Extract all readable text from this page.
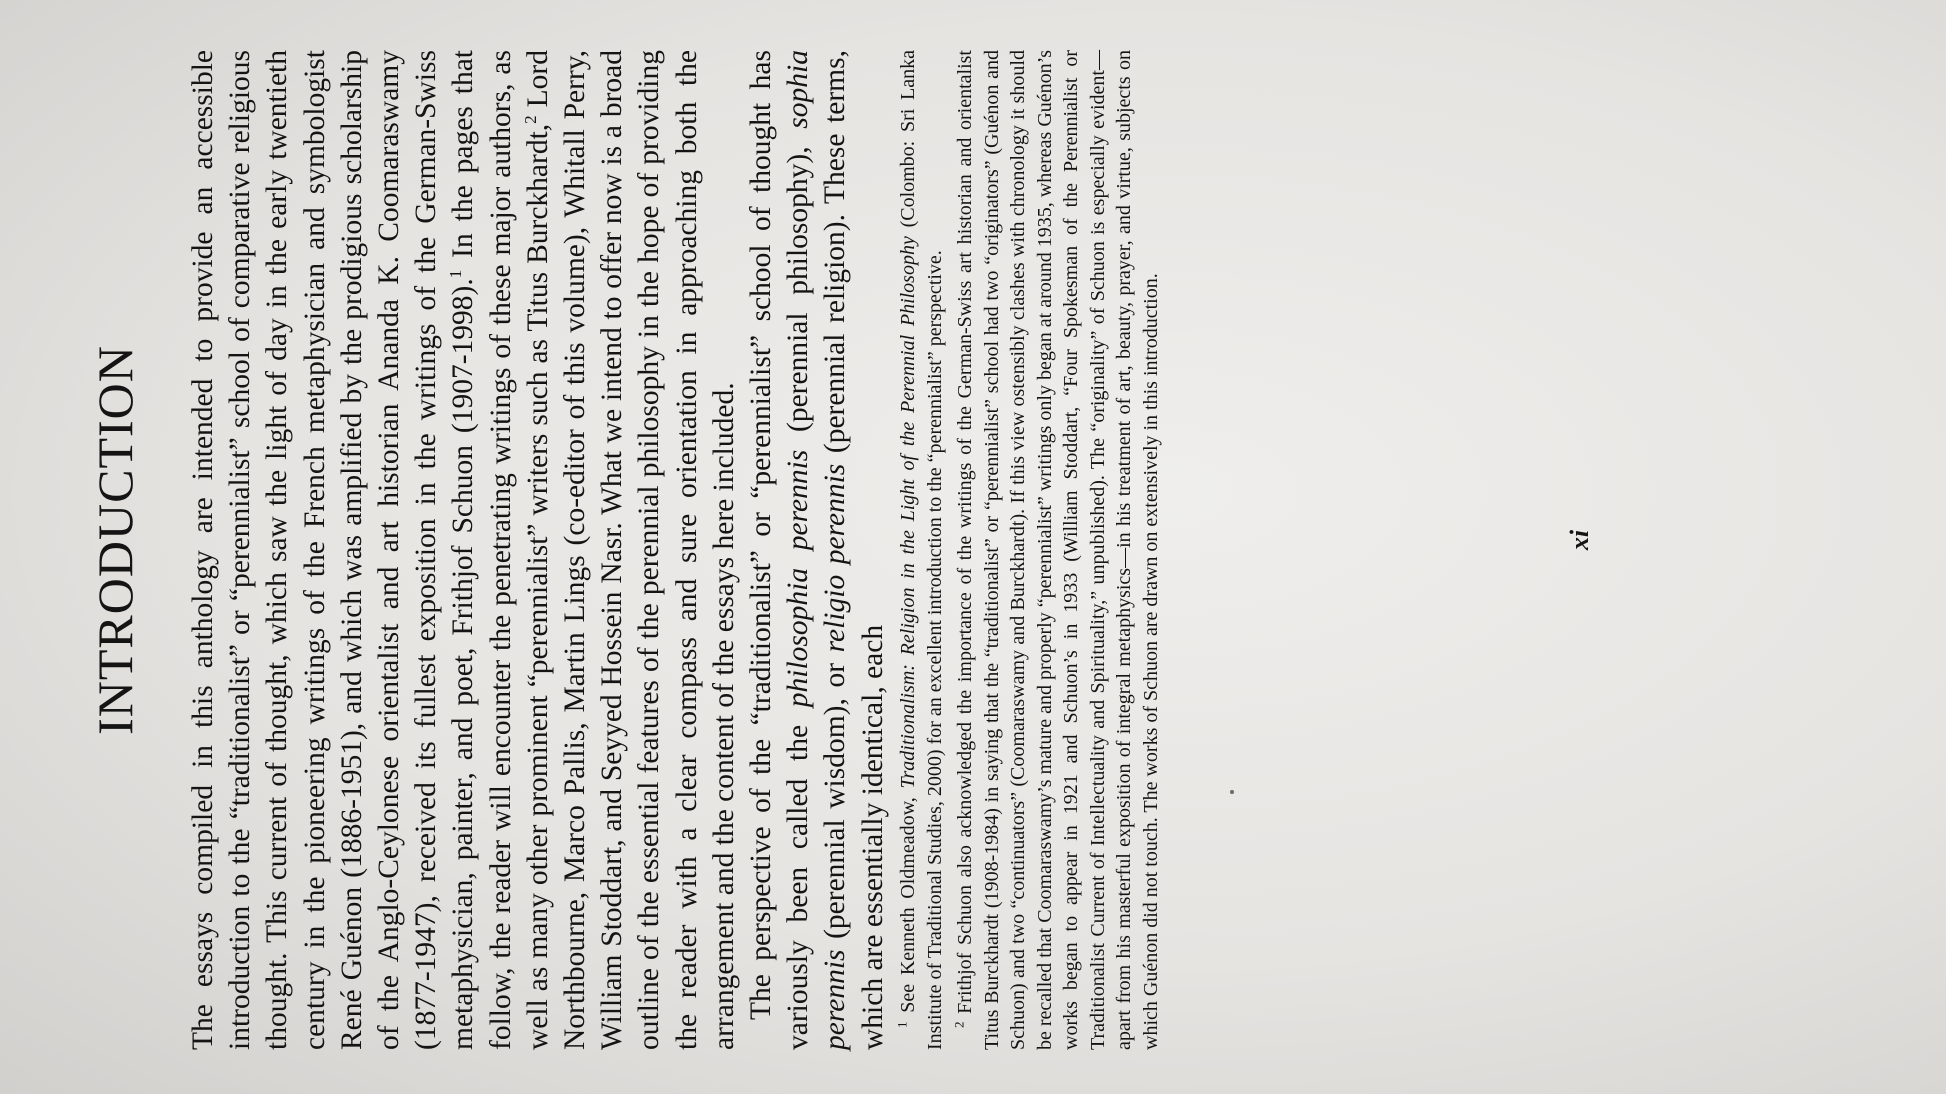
INTRODUCTION The essays compiled in this anthology are intended to provide an accessible introduction to the “traditionalist” or “perennialist” school of comparative religious thought. This current of thought, which saw the light of day in the early twentieth century in the pioneering writings of the French metaphysician and symbologist René Guénon (1886-1951), and which was amplified by the prodigious scholarship of the Anglo-Ceylonese orientalist and art historian Ananda K. Coomaraswamy (1877-1947), received its fullest exposition in the writings of the German-Swiss metaphysician, painter, and poet, Frithjof Schuon (1907-1998).$^1$ In the pages that follow, the reader will encounter the penetrating writings of these major authors, as well as many other prominent “perennialist” writers such as Titus Burckhardt,$^2$ Lord Northbourne, Marco Pallis, Martin Lings (co-editor of this volume), Whitall Perry, William Stoddart, and Seyyed Hossein Nasr. What we intend to offer now is a broad outline of the essential features of the perennial philosophy in the hope of providing the reader with a clear compass and sure orientation in approaching both the arrangement and the content of the essays here included. The perspective of the “traditionalist” or “perennialist” school of thought has variously been called the philosophia perennis (perennial philosophy), sophia perennis (perennial wisdom), or religio perennis (perennial religion). These terms, which are essentially identical, each $^1$ See Kenneth Oldmeadow, Traditionalism: Religion in the Light of the Perennial Philosophy (Colombo: Sri Lanka Institute of Traditional Studies, 2000) for an excellent introduction to the “perennialist” perspective. $^2$ Frithjof Schuon also acknowledged the importance of the writings of the German-Swiss art historian and orientalist Titus Burckhardt (1908-1984) in saying that the “traditionalist” or “perennialist” school had two “originators” (Guénon and Schuon) and two “continuators” (Coomaraswamy and Burckhardt). If this view ostensibly clashes with chronology it should be recalled that Coomaraswamy’s mature and properly “perennialist” writings only began at around 1935, whereas Guénon’s works began to appear in 1921 and Schuon’s in 1933 (William Stoddart, “Four Spokesman of the Perennialist or Traditionalist Current of Intellectuality and Spirituality,” unpublished). The “originality” of Schuon is especially evident—apart from his masterful exposition of integral metaphysics—in his treatment of art, beauty, prayer, and virtue, subjects on which Guénon did not touch. The works of Schuon are drawn on extensively in this introduction.	xi
